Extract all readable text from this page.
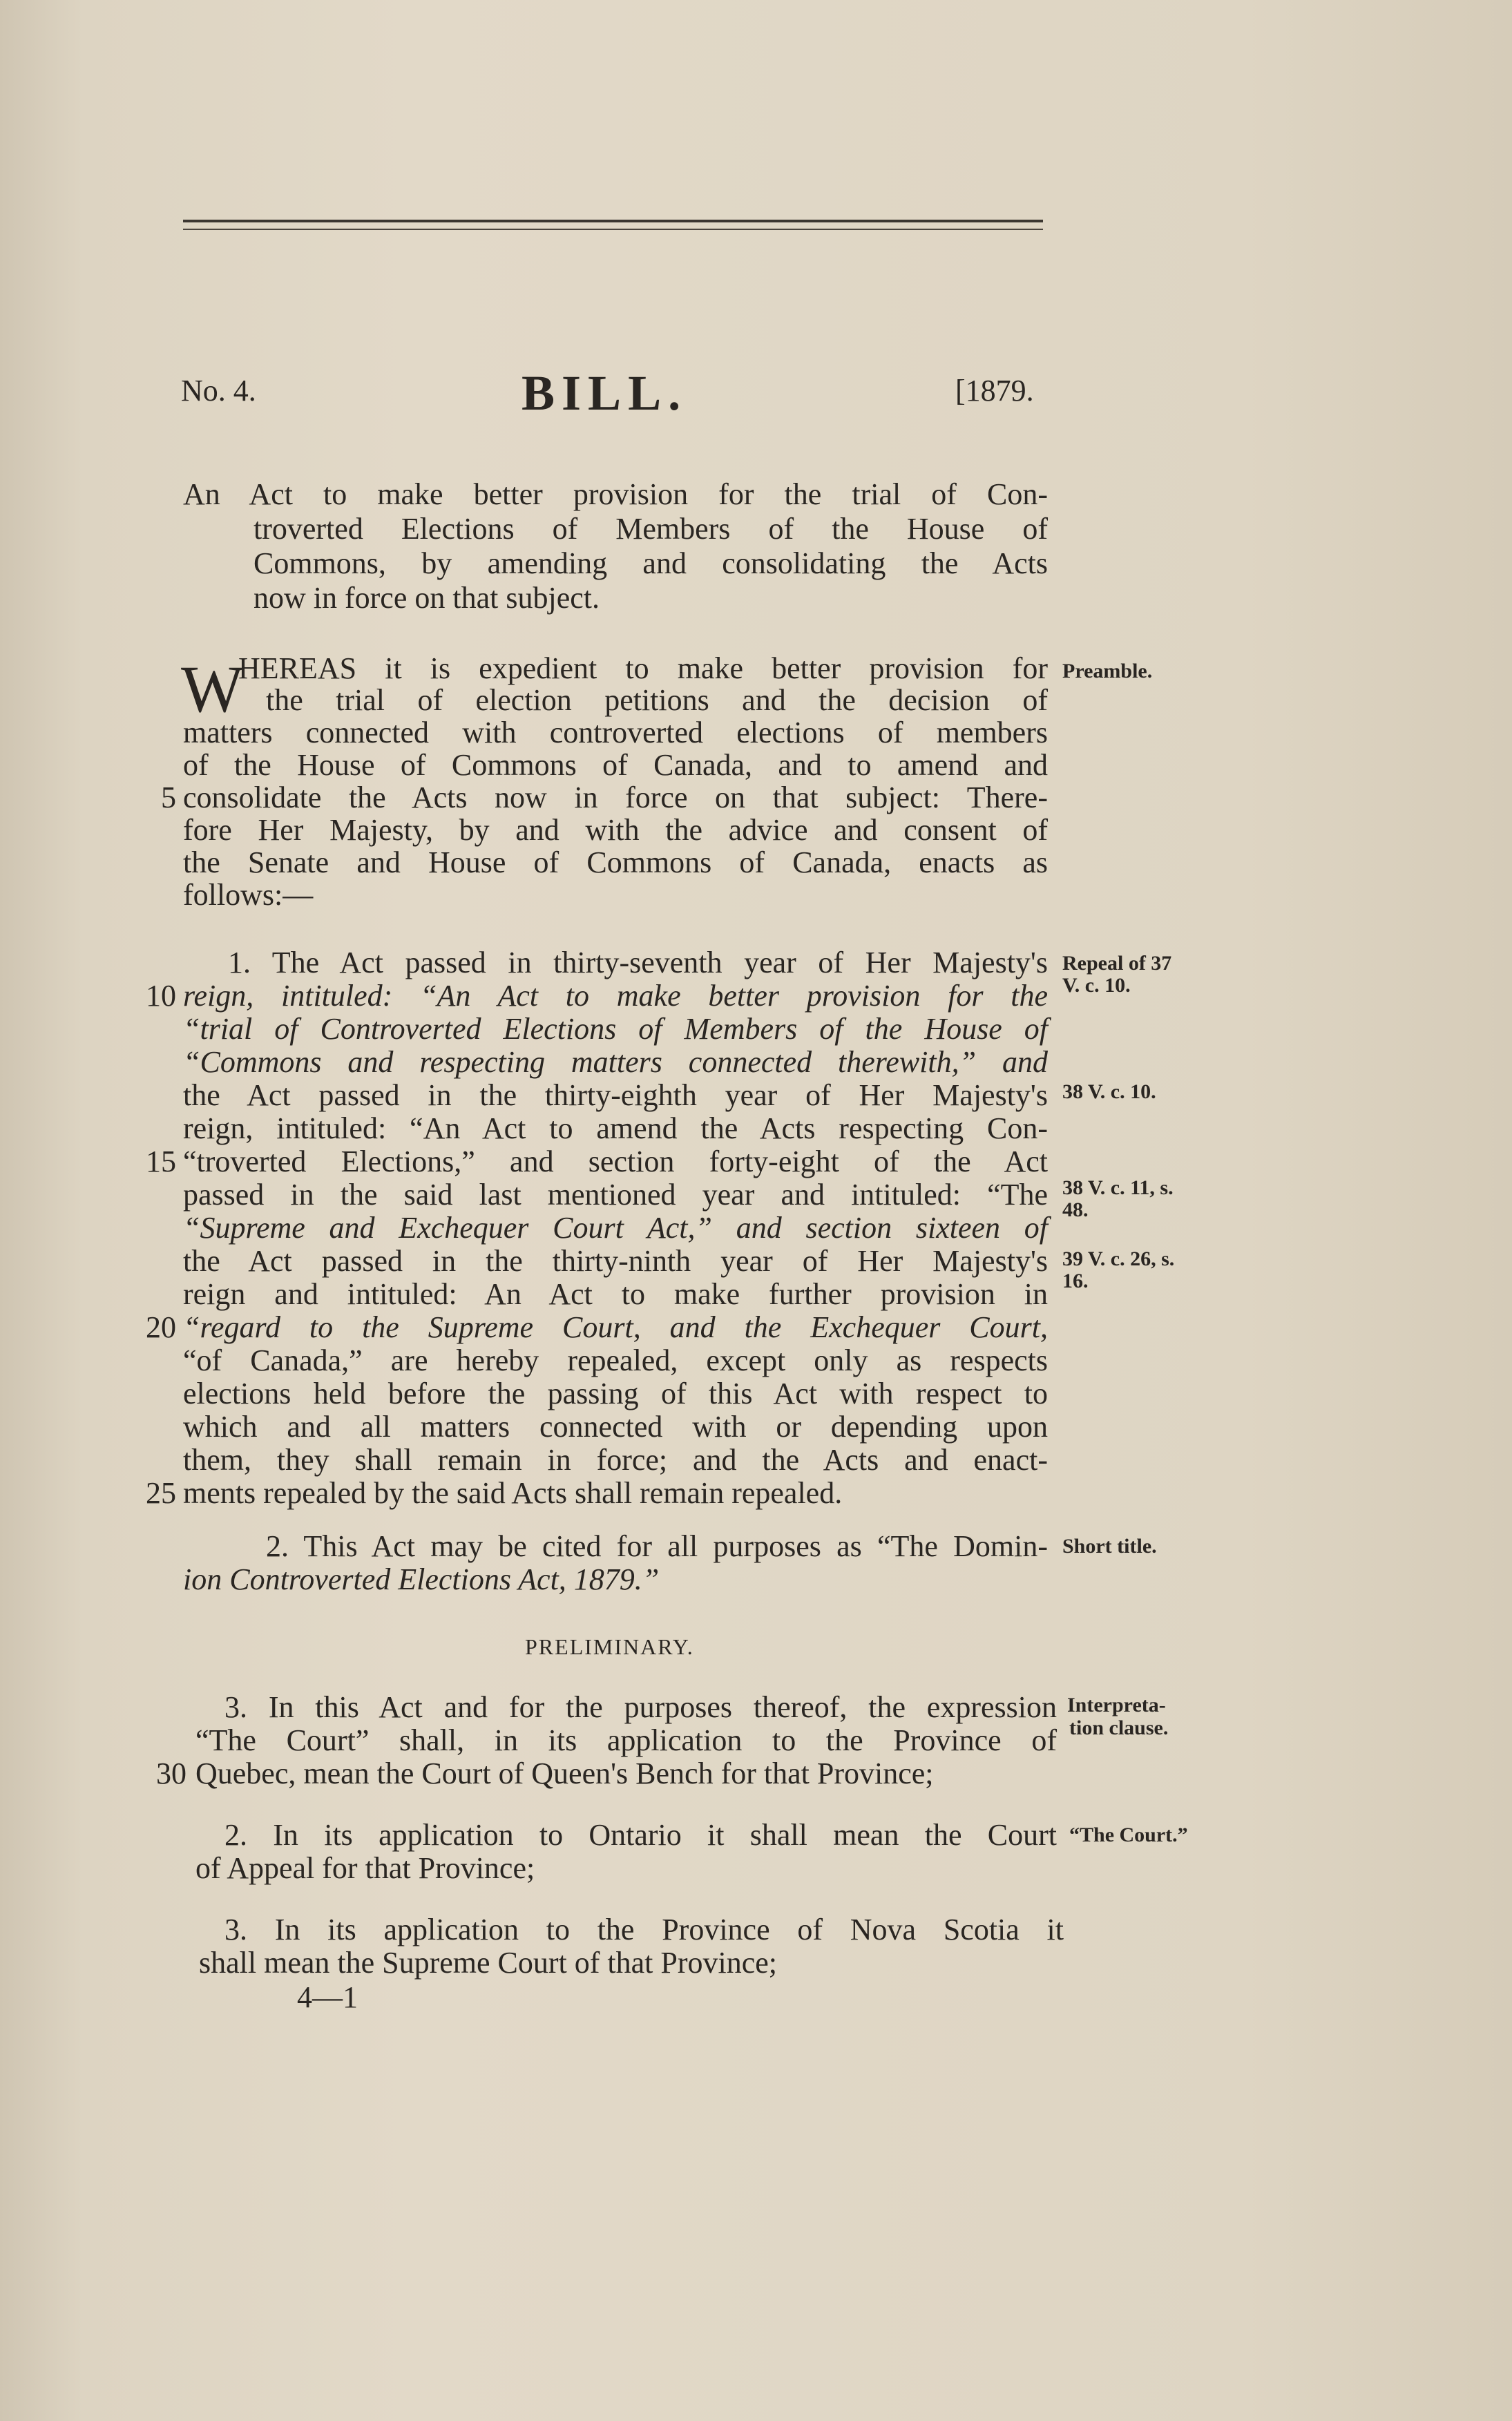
No. 4.	BILL.	[1879.
An Act to make better provision for the trial of Con-
troverted Elections of Members of the House of
Commons, by amending and consolidating the Acts
now in force on that subject.
W
HEREAS it is expedient to make better provision for
the trial of election petitions and the decision of
matters connected with controverted elections of members
of the House of Commons of Canada, and to amend and
5 consolidate the Acts now in force on that subject: There-
fore Her Majesty, by and with the advice and consent of
the Senate and House of Commons of Canada, enacts as
follows:—
Preamble.
1. The Act passed in thirty-seventh year of Her Majesty's
10 reign, intituled: “An Act to make better provision for the
“trial of Controverted Elections of Members of the House of
“Commons and respecting matters connected therewith,” and
the Act passed in the thirty-eighth year of Her Majesty's
reign, intituled: “An Act to amend the Acts respecting Con-
15 “troverted Elections,” and section forty-eight of the Act
passed in the said last mentioned year and intituled: “The
“Supreme and Exchequer Court Act,” and section sixteen of
the Act passed in the thirty-ninth year of Her Majesty's
reign and intituled: An Act to make further provision in
20 “regard to the Supreme Court, and the Exchequer Court,
“of Canada,” are hereby repealed, except only as respects
elections held before the passing of this Act with respect to
which and all matters connected with or depending upon
them, they shall remain in force; and the Acts and enact-
25 ments repealed by the said Acts shall remain repealed.
Repeal of 37
V. c. 10.
38 V. c. 10.
38 V. c. 11, s.
48.
39 V. c. 26, s.
16.
2. This Act may be cited for all purposes as “The Domin-
ion Controverted Elections Act, 1879.”
Short title.
PRELIMINARY.
3. In this Act and for the purposes thereof, the expression
“The Court” shall, in its application to the Province of
30 Quebec, mean the Court of Queen's Bench for that Province;
Interpreta-
tion clause.
2. In its application to Ontario it shall mean the Court
of Appeal for that Province;
“The Court.”
3. In its application to the Province of Nova Scotia it
shall mean the Supreme Court of that Province;
4—1
